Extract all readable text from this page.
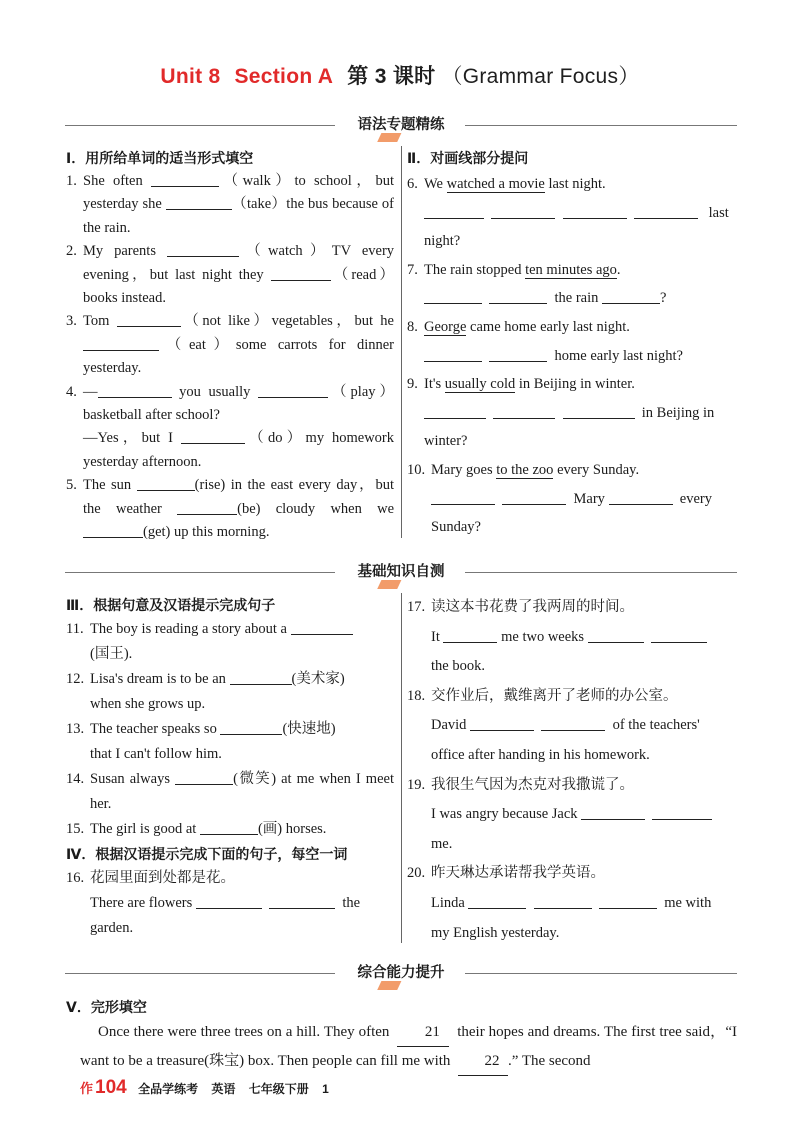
Unit 8 Section A 第 3 课时 （Grammar Focus）
语法专题精练
Ⅰ．用所给单词的适当形式填空
1. She often	（walk）to school，but yesterday she	（take）the bus because of the rain.
2. My parents	（watch）TV every evening，but last night they	（read） books instead.
3. Tom	（not like）vegetables，but he （eat）some carrots for dinner yesterday.
4. —	you usually	（play） basketball after school?
—Yes，but I	（do）my homework yesterday afternoon.
5. The sun	(rise) in the east every day，but the weather	(be) cloudy when we (get) up this morning.
Ⅱ．对画线部分提问
6. We watched a movie last night.
last
night?
7. The rain stopped ten minutes ago.
the rain	?
8. George came home early last night.
home early last night?
9. It's usually cold in Beijing in winter.
in Beijing in
winter?
10. Mary goes to the zoo every Sunday.
Mary	every
Sunday?
基础知识自测
Ⅲ．根据句意及汉语提示完成句子
11. The boy is reading a story about a
(国王).
12. Lisa's dream is to be an	(美术家)
when she grows up.
13. The teacher speaks so	(快速地)
that I can't follow him.
14. Susan always	(微笑) at me when I meet her.
15. The girl is good at	(画) horses.
Ⅳ．根据汉语提示完成下面的句子，每空一词
16. 花园里面到处都是花。
There are flowers	the
garden.
17. 读这本书花费了我两周的时间。
It	me two weeks
the book.
18. 交作业后，戴维离开了老师的办公室。
David	of the teachers'
office after handing in his homework.
19. 我很生气因为杰克对我撒谎了。
I was angry because Jack
me.
20. 昨天琳达承诺帮我学英语。
Linda	me with
my English yesterday.
综合能力提升
Ⅴ．完形填空
Once there were three trees on a hill. They often 21 their hopes and dreams. The first tree said，“I want to be a treasure(珠宝) box. Then people can fill me with 22 .” The second
作 104 全品学练考 英语 七年级下册 1
